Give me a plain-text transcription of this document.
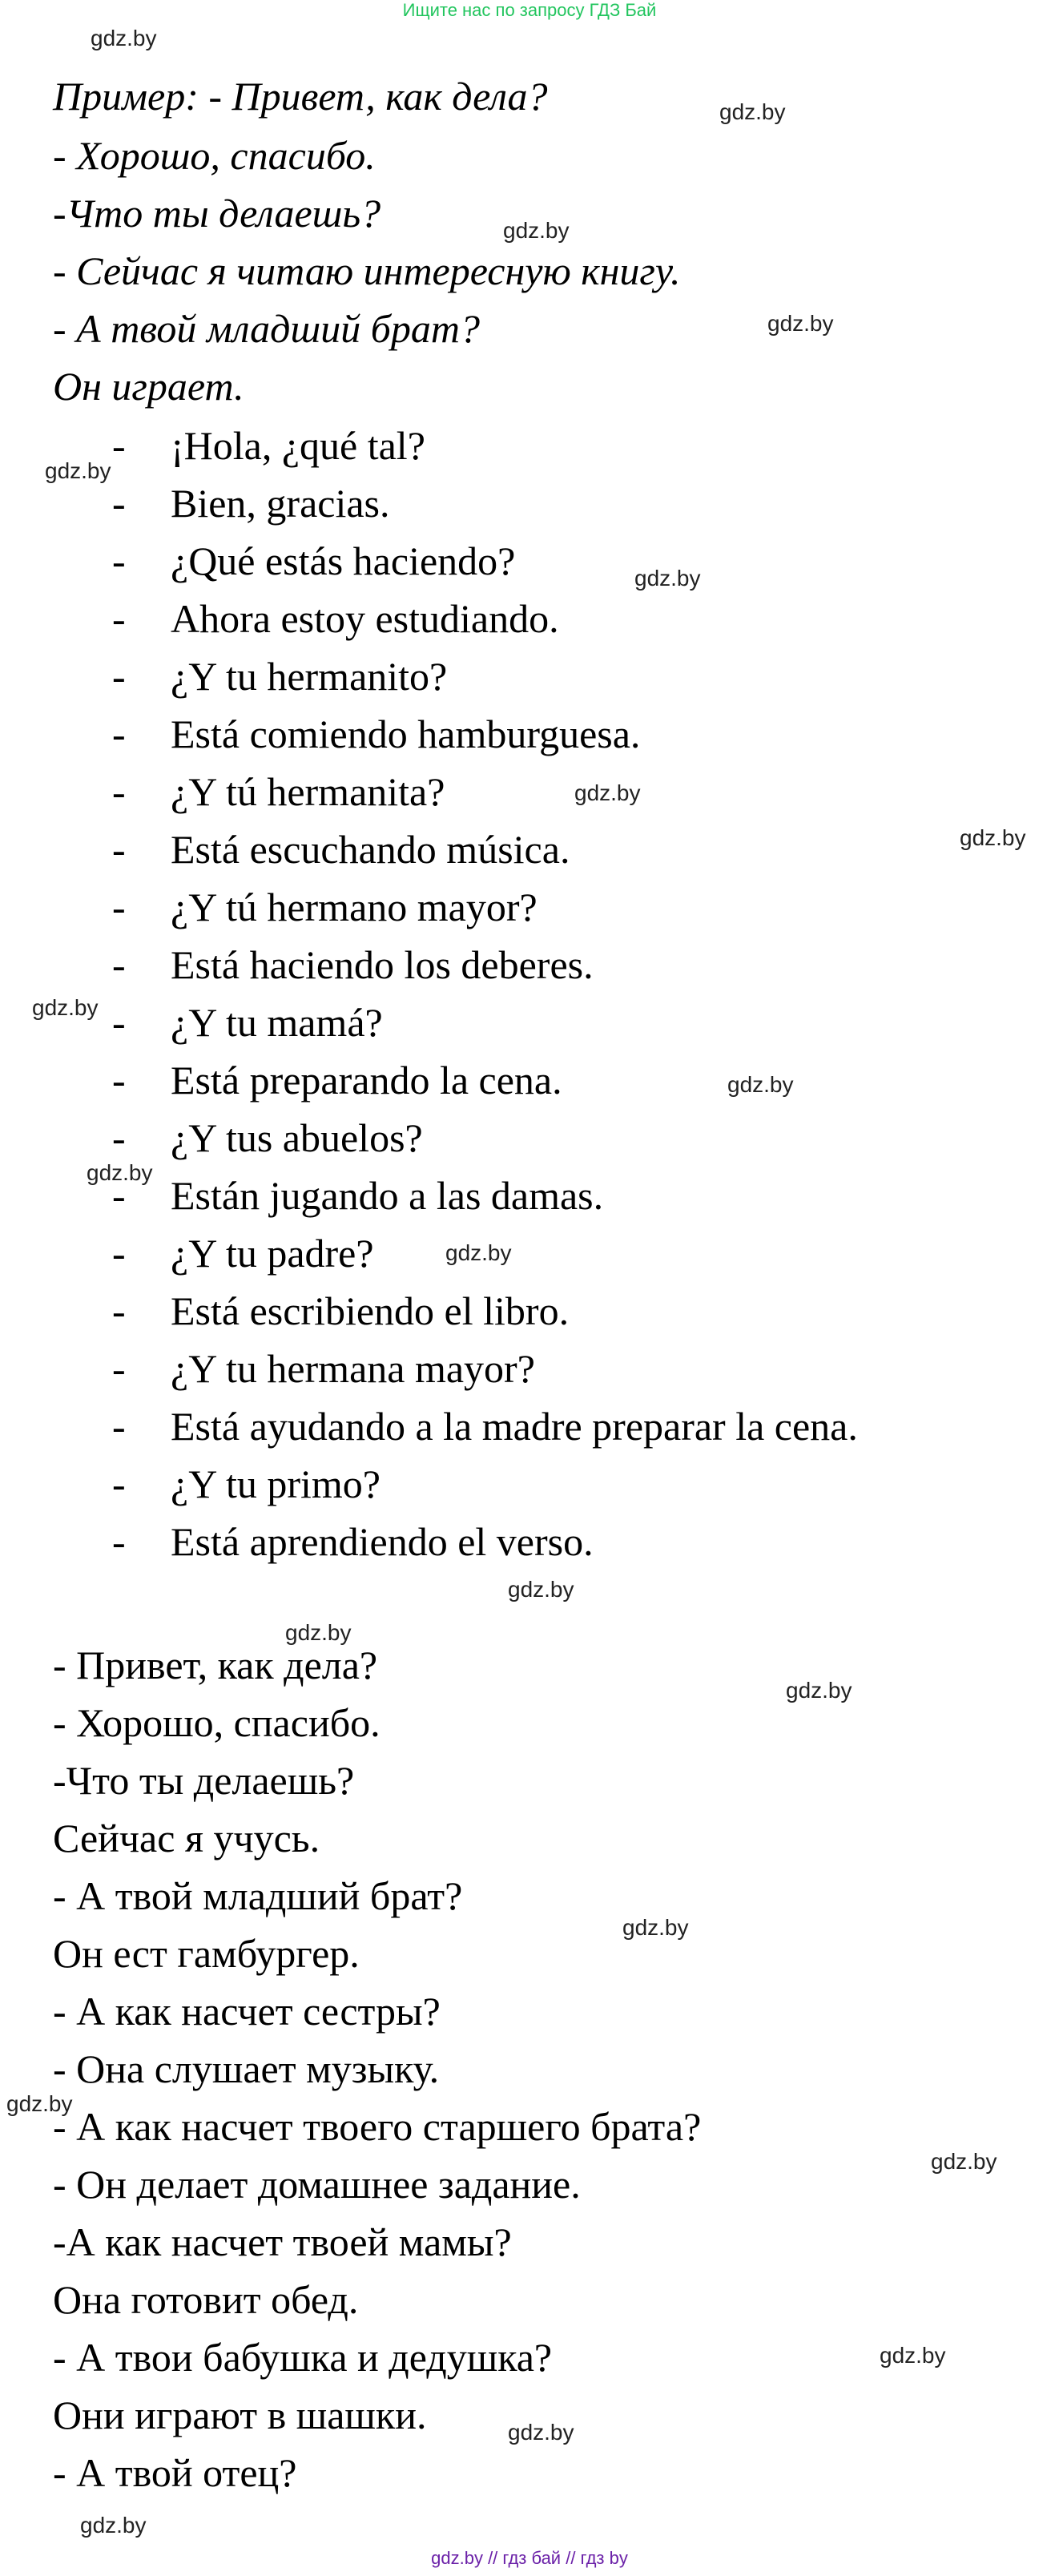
Ищите нас по запросу ГДЗ Бай
Пример: - Привет, как дела?
- Хорошо, спасибо.
-Что ты делаешь?
- Сейчас я читаю интересную книгу.
- А твой младший брат?
Он играет.
- ¡Hola, ¿qué tal?
- Bien, gracias.
- ¿Qué estás haciendo?
- Ahora estoy estudiando.
- ¿Y tu hermanito?
- Está comiendo hamburguesa.
- ¿Y tú hermanita?
- Está escuchando música.
- ¿Y tú hermano mayor?
- Está haciendo los deberes.
- ¿Y tu mamá?
- Está preparando la cena.
- ¿Y tus abuelos?
- Están jugando a las damas.
- ¿Y tu padre?
- Está escribiendo el libro.
- ¿Y tu hermana mayor?
- Está ayudando a la madre preparar la cena.
- ¿Y tu primo?
- Está aprendiendo el verso.
- Привет, как дела?
- Хорошо, спасибо.
-Что ты делаешь?
Сейчас я учусь.
- А твой младший брат?
Он ест гамбургер.
- А как насчет сестры?
- Она слушает музыку.
- А как насчет твоего старшего брата?
- Он делает домашнее задание.
-А как насчет твоей мамы?
Она готовит обед.
- А твои бабушка и дедушка?
Они играют в шашки.
- А твой отец?
gdz.by
gdz.by
gdz.by
gdz.by
gdz.by
gdz.by
gdz.by
gdz.by
gdz.by
gdz.by
gdz.by
gdz.by
gdz.by
gdz.by
gdz.by
gdz.by
gdz.by
gdz.by
gdz.by
gdz.by
gdz.by
gdz.by // гдз бай // гдз by
